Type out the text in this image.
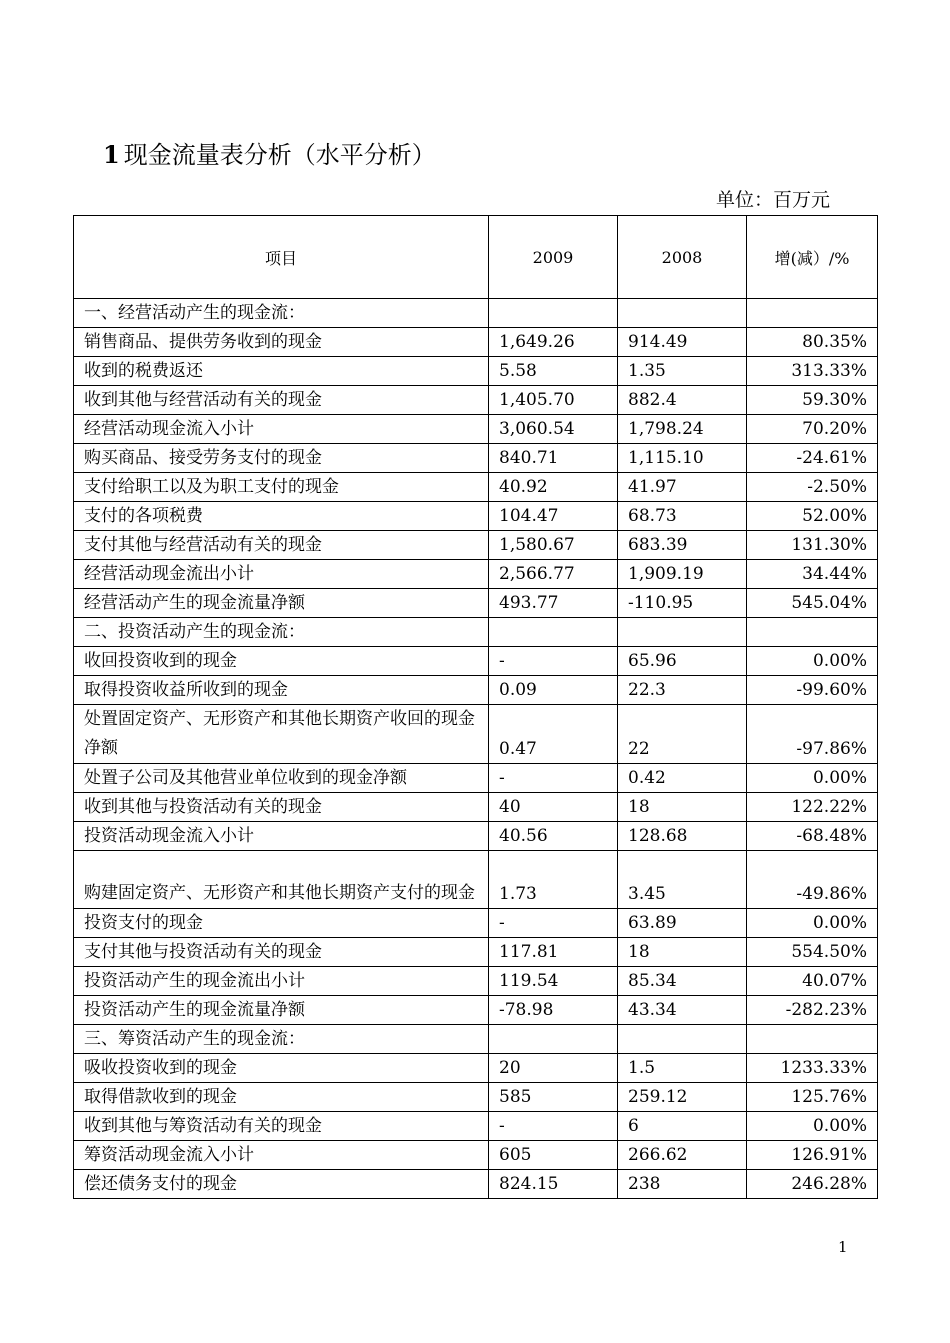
1 现金流量表分析（水平分析）
单位：百万元
项目	2009	2008	增(减）/%
一、经营活动产生的现金流：			
销售商品、提供劳务收到的现金	1,649.26	914.49	80.35%
收到的税费返还	5.58	1.35	313.33%
收到其他与经营活动有关的现金	1,405.70	882.4	59.30%
经营活动现金流入小计	3,060.54	1,798.24	70.20%
购买商品、接受劳务支付的现金	840.71	1,115.10	-24.61%
支付给职工以及为职工支付的现金	40.92	41.97	-2.50%
支付的各项税费	104.47	68.73	52.00%
支付其他与经营活动有关的现金	1,580.67	683.39	131.30%
经营活动现金流出小计	2,566.77	1,909.19	34.44%
经营活动产生的现金流量净额	493.77	-110.95	545.04%
二、投资活动产生的现金流：			
收回投资收到的现金	-	65.96	0.00%
取得投资收益所收到的现金	0.09	22.3	-99.60%
处置固定资产、无形资产和其他长期资产收回的现金净额	0.47	22	-97.86%
处置子公司及其他营业单位收到的现金净额	-	0.42	0.00%
收到其他与投资活动有关的现金	40	18	122.22%
投资活动现金流入小计	40.56	128.68	-68.48%
购建固定资产、无形资产和其他长期资产支付的现金	1.73	3.45	-49.86%
投资支付的现金	-	63.89	0.00%
支付其他与投资活动有关的现金	117.81	18	554.50%
投资活动产生的现金流出小计	119.54	85.34	40.07%
投资活动产生的现金流量净额	-78.98	43.34	-282.23%
三、筹资活动产生的现金流：			
吸收投资收到的现金	20	1.5	1233.33%
取得借款收到的现金	585	259.12	125.76%
收到其他与筹资活动有关的现金	-	6	0.00%
筹资活动现金流入小计	605	266.62	126.91%
偿还债务支付的现金	824.15	238	246.28%
1
